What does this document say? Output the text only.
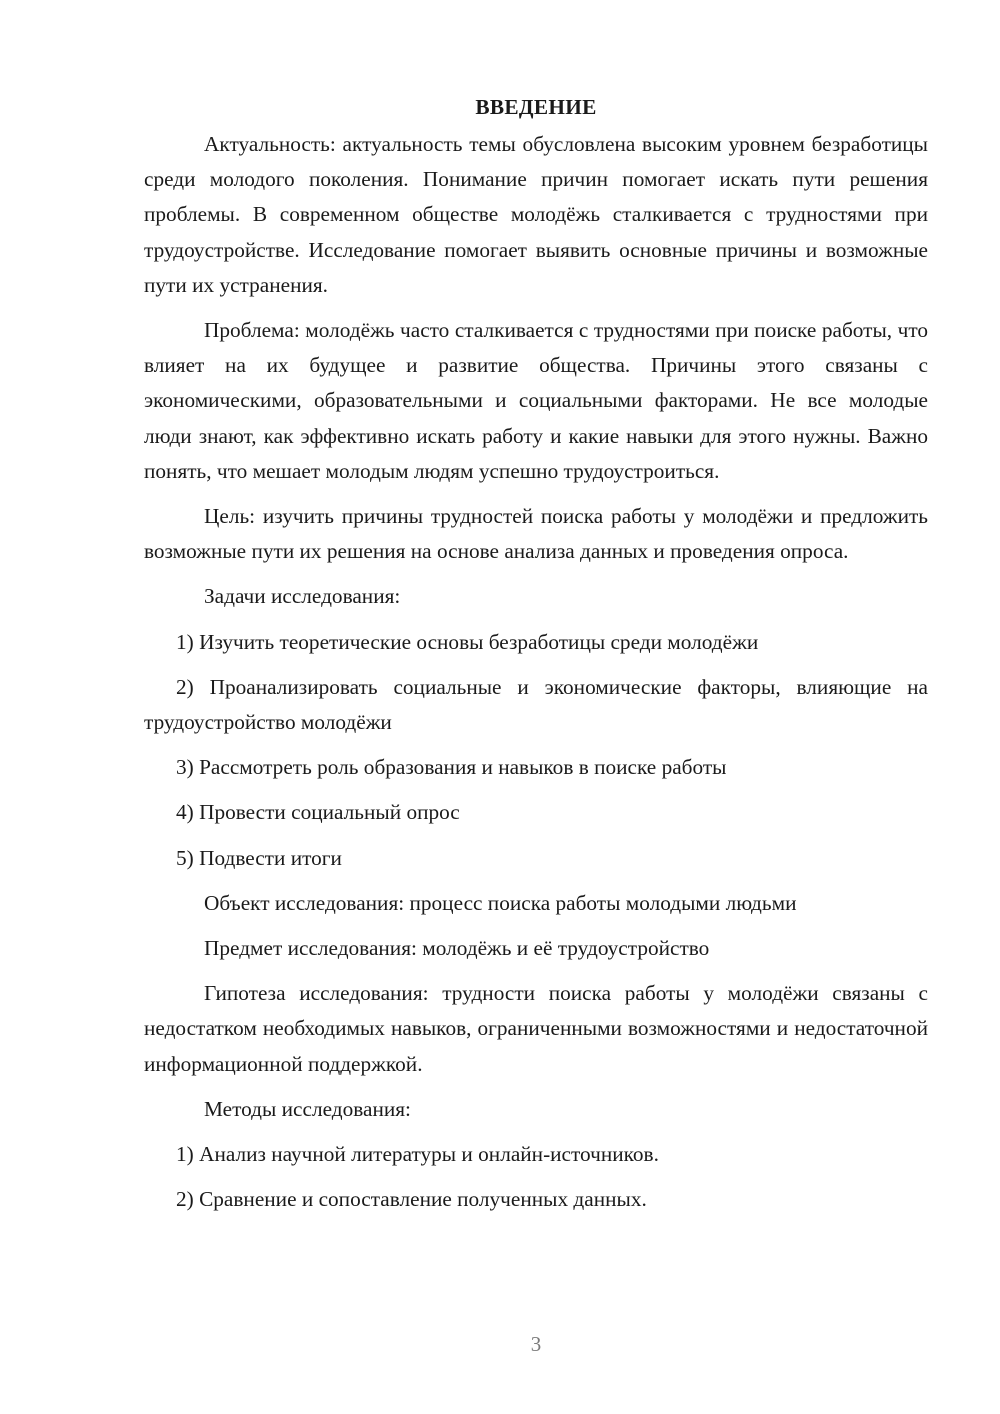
ВВЕДЕНИЕ

Актуальность: актуальность темы обусловлена высоким уровнем безработицы среди молодого поколения. Понимание причин помогает искать пути решения проблемы. В современном обществе молодёжь сталкивается с трудностями при трудоустройстве. Исследование помогает выявить основные причины и возможные пути их устранения.

Проблема: молодёжь часто сталкивается с трудностями при поиске работы, что влияет на их будущее и развитие общества. Причины этого связаны с экономическими, образовательными и социальными факторами. Не все молодые люди знают, как эффективно искать работу и какие навыки для этого нужны. Важно понять, что мешает молодым людям успешно трудоустроиться.

Цель: изучить причины трудностей поиска работы у молодёжи и предложить возможные пути их решения на основе анализа данных и проведения опроса.

Задачи исследования:

1) Изучить теоретические основы безработицы среди молодёжи

2) Проанализировать социальные и экономические факторы, влияющие на трудоустройство молодёжи

3) Рассмотреть роль образования и навыков в поиске работы

4) Провести социальный опрос

5) Подвести итоги

Объект исследования: процесс поиска работы молодыми людьми

Предмет исследования: молодёжь и её трудоустройство

Гипотеза исследования: трудности поиска работы у молодёжи связаны с недостатком необходимых навыков, ограниченными возможностями и недостаточной информационной поддержкой.

Методы исследования:

1) Анализ научной литературы и онлайн-источников.

2) Сравнение и сопоставление полученных данных.

3
